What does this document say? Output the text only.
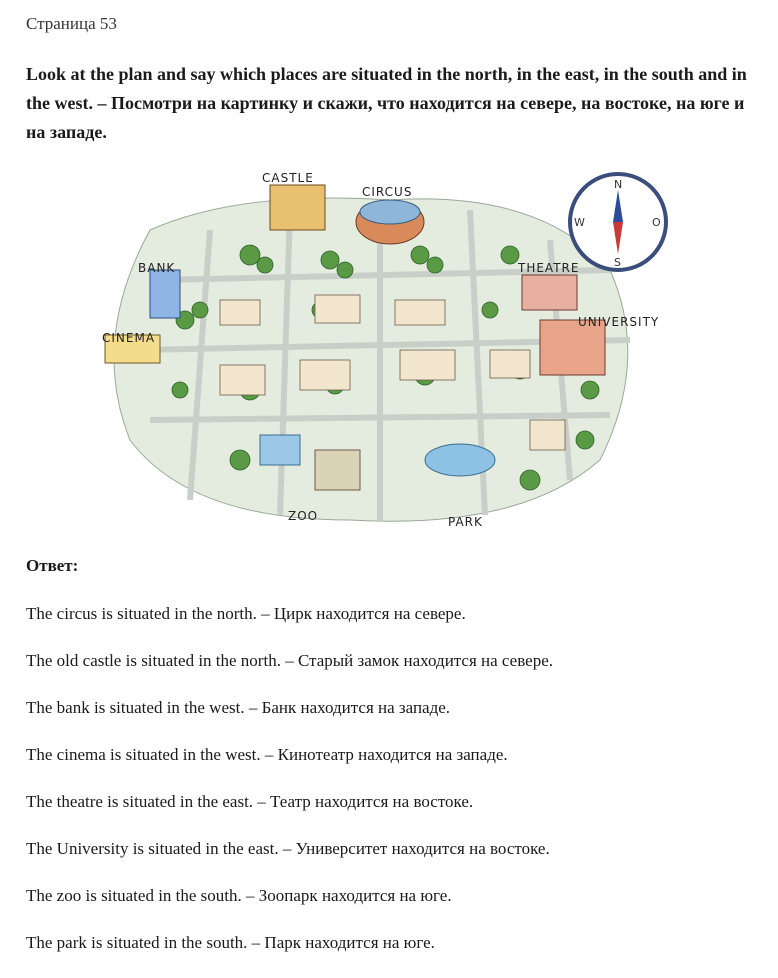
Страница 53

Look at the plan and say which places are situated in the north, in the east, in the south and in the west. – Посмотри на картинку и скажи, что находится на севере, на востоке, на юге и на западе.

N
O
S
W
CASTLE
CIRCUS
BANK	THEATRE
UNIVERSITY
CINEMA
ZOO	PARK
Ответ:
The circus is situated in the north. – Цирк находится на севере.
The old castle is situated in the north. – Старый замок находится на севере.
The bank is situated in the west. – Банк находится на западе.
The cinema is situated in the west. – Кинотеатр находится на западе.
The theatre is situated in the east. – Театр находится на востоке.
The University is situated in the east. – Университет находится на востоке.
The zoo is situated in the south. – Зоопарк находится на юге.
The park is situated in the south. – Парк находится на юге.
